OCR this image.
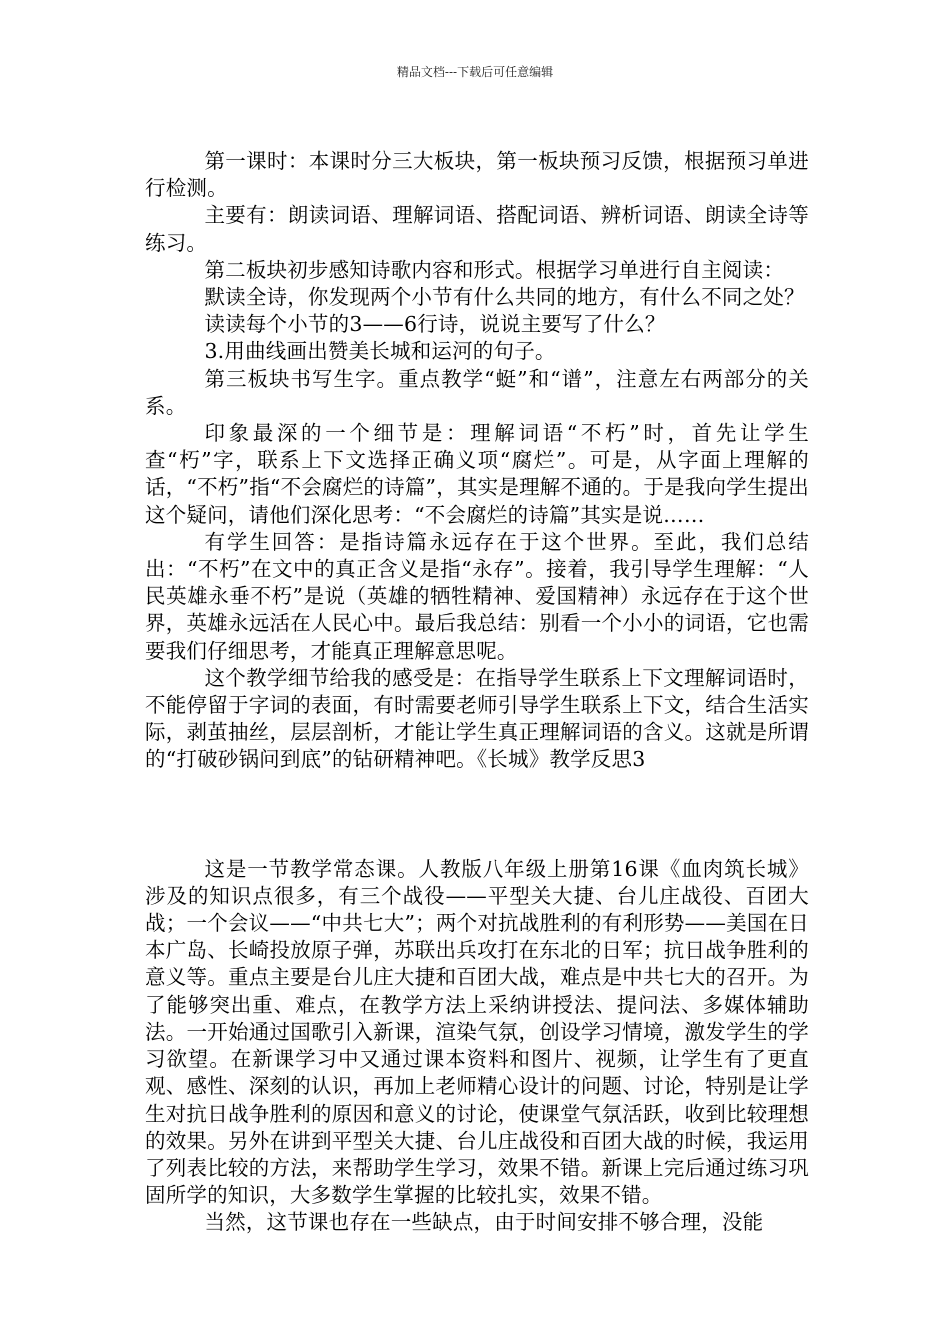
精品文档---下载后可任意编辑

第一课时：本课时分三大板块，第一板块预习反馈，根据预习单进行检测。

主要有：朗读词语、理解词语、搭配词语、辨析词语、朗读全诗等练习。

第二板块初步感知诗歌内容和形式。根据学习单进行自主阅读：

默读全诗，你发现两个小节有什么共同的地方，有什么不同之处？

读读每个小节的3——6行诗，说说主要写了什么？

3.用曲线画出赞美长城和运河的句子。

第三板块书写生字。重点教学“蜓”和“谱”，注意左右两部分的关系。

印象最深的一个细节是：理解词语“不朽”时，首先让学生查“朽”字，联系上下文选择正确义项“腐烂”。可是，从字面上理解的话，“不朽”指“不会腐烂的诗篇”，其实是理解不通的。于是我向学生提出这个疑问，请他们深化思考：“不会腐烂的诗篇”其实是说……

有学生回答：是指诗篇永远存在于这个世界。至此，我们总结出：“不朽”在文中的真正含义是指“永存”。接着，我引导学生理解：“人民英雄永垂不朽”是说（英雄的牺牲精神、爱国精神）永远存在于这个世界，英雄永远活在人民心中。最后我总结：别看一个小小的词语，它也需要我们仔细思考，才能真正理解意思呢。

这个教学细节给我的感受是：在指导学生联系上下文理解词语时，不能停留于字词的表面，有时需要老师引导学生联系上下文，结合生活实际，剥茧抽丝，层层剖析，才能让学生真正理解词语的含义。这就是所谓的“打破砂锅问到底”的钻研精神吧。《长城》教学反思3

这是一节教学常态课。人教版八年级上册第16课《血肉筑长城》涉及的知识点很多，有三个战役——平型关大捷、台儿庄战役、百团大战；一个会议——“中共七大”；两个对抗战胜利的有利形势——美国在日本广岛、长崎投放原子弹，苏联出兵攻打在东北的日军；抗日战争胜利的意义等。重点主要是台儿庄大捷和百团大战，难点是中共七大的召开。为了能够突出重、难点，在教学方法上采纳讲授法、提问法、多媒体辅助法。一开始通过国歌引入新课，渲染气氛，创设学习情境，激发学生的学习欲望。在新课学习中又通过课本资料和图片、视频，让学生有了更直观、感性、深刻的认识，再加上老师精心设计的问题、讨论，特别是让学生对抗日战争胜利的原因和意义的讨论，使课堂气氛活跃，收到比较理想的效果。另外在讲到平型关大捷、台儿庄战役和百团大战的时候，我运用了列表比较的方法，来帮助学生学习，效果不错。新课上完后通过练习巩固所学的知识，大多数学生掌握的比较扎实，效果不错。

当然，这节课也存在一些缺点，由于时间安排不够合理，没能
